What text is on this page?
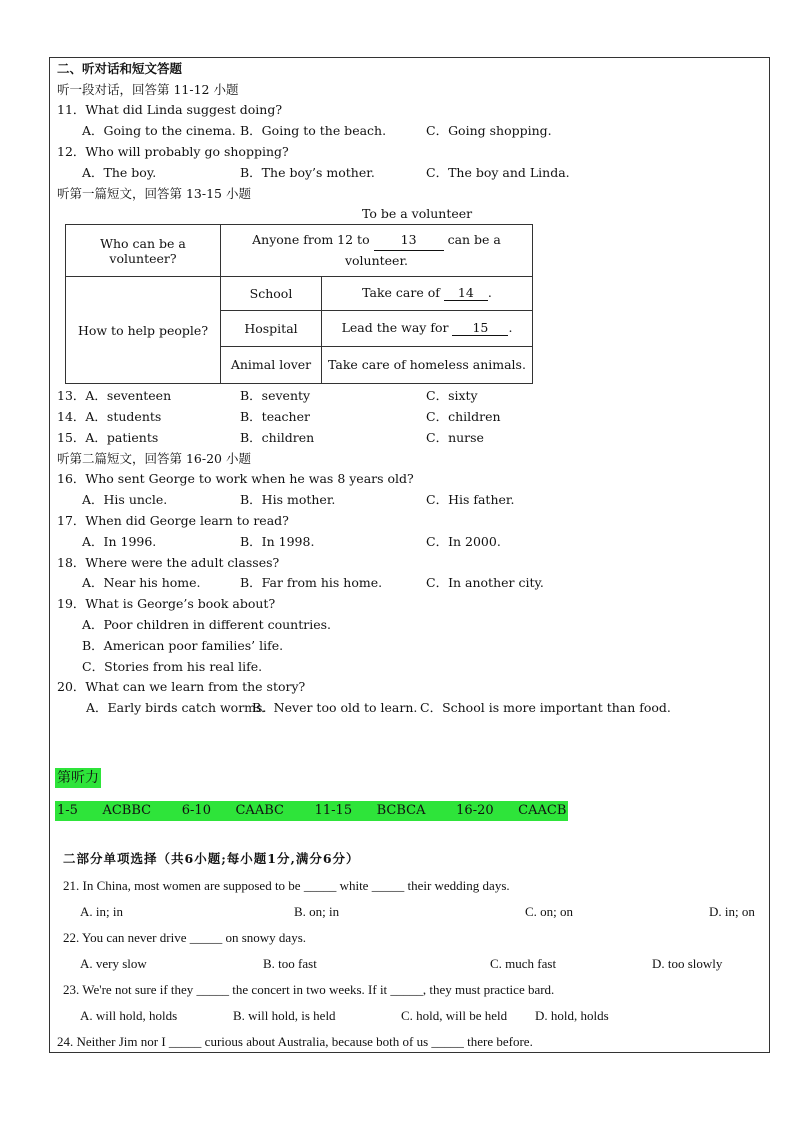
二、听对话和短文答题
听一段对话，回答第 11-12 小题
11．What did Linda suggest doing?
A．Going to the cinema. B．Going to the beach.	C．Going shopping.
12．Who will probably go shopping?
A．The boy.	B．The boy’s mother.	C．The boy and Linda.
听第一篇短文，回答第 13-15 小题
To be a volunteer
Who can be a volunteer?	Anyone from 12 to 13 can be a volunteer.	
How to help people?	School	Take care of 14 .
	Hospital	Lead the way for 15 .
	Animal lover	Take care of homeless animals.
13．A．seventeen	B．seventy	C．sixty
14．A．students	B．teacher	C．children
15．A．patients	B．children	C．nurse
听第二篇短文，回答第 16-20 小题
16．Who sent George to work when he was 8 years old?
A．His uncle.	B．His mother.	C．His father.
17．When did George learn to read?
A．In 1996.	B．In 1998.	C．In 2000.
18．Where were the adult classes?
A．Near his home.	B．Far from his home.	C．In another city.
19．What is George’s book about?
A．Poor children in different countries.
B．American poor families’ life.
C．Stories from his real life.
20．What can we learn from the story?
A．Early birds catch worms.
B．Never too old to learn. C．School is more important than food.
第听力
1-5    ACBBC     6-10    CAABC     11-15    BCBCA     16-20    CAACB
二部分单项选择（共6小题;每小题1分,满分6分）
21. In China, most women are supposed to be _____ white _____ their wedding days.
A. in; in	B. on; in	C. on; on	D. in; on
22. You can never drive _____ on snowy days.
A. very slow	B. too fast	C. much fast	D. too slowly
23. We're not sure if they _____ the concert in two weeks. If it _____, they must practice bard.
A. will hold, holds	B. will hold, is held	C. hold, will be held D. hold, holds
24. Neither Jim nor I _____ curious about Australia, because both of us _____ there before.
